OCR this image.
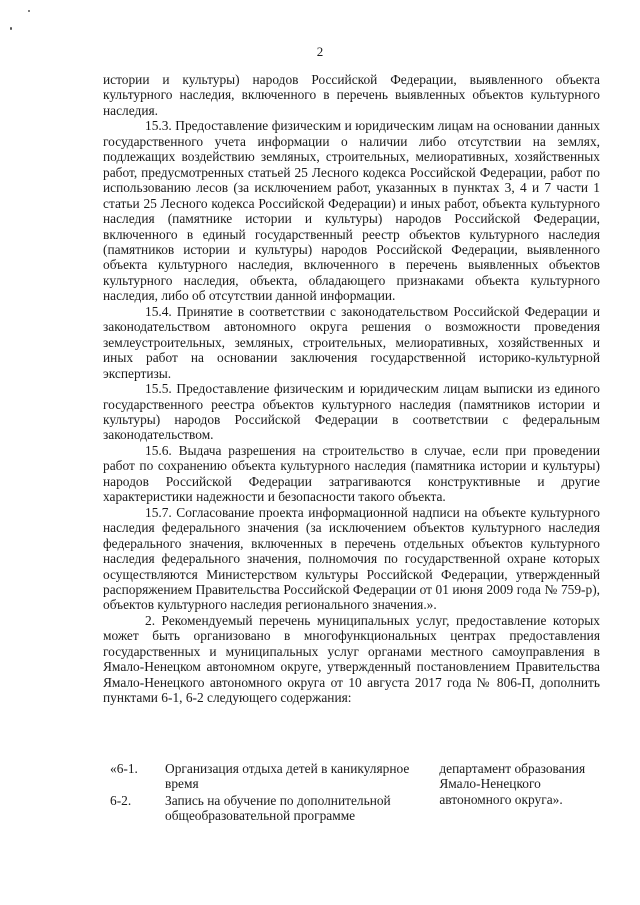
2

истории и культуры) народов Российской Федерации, выявленного объекта культурного наследия, включенного в перечень выявленных объектов культурного наследия.

15.3. Предоставление физическим и юридическим лицам на основании данных государственного учета информации о наличии либо отсутствии на землях, подлежащих воздействию земляных, строительных, мелиоративных, хозяйственных работ, предусмотренных статьей 25 Лесного кодекса Российской Федерации, работ по использованию лесов (за исключением работ, указанных в пунктах 3, 4 и 7 части 1 статьи 25 Лесного кодекса Российской Федерации) и иных работ, объекта культурного наследия (памятнике истории и культуры) народов Российской Федерации, включенного в единый государственный реестр объектов культурного наследия (памятников истории и культуры) народов Российской Федерации, выявленного объекта культурного наследия, включенного в перечень выявленных объектов культурного наследия, объекта, обладающего признаками объекта культурного наследия, либо об отсутствии данной информации.

15.4. Принятие в соответствии с законодательством Российской Федерации и законодательством автономного округа решения о возможности проведения землеустроительных, земляных, строительных, мелиоративных, хозяйственных и иных работ на основании заключения государственной историко-культурной экспертизы.

15.5. Предоставление физическим и юридическим лицам выписки из единого государственного реестра объектов культурного наследия (памятников истории и культуры) народов Российской Федерации в соответствии с федеральным законодательством.

15.6. Выдача разрешения на строительство в случае, если при проведении работ по сохранению объекта культурного наследия (памятника истории и культуры) народов Российской Федерации затрагиваются конструктивные и другие характеристики надежности и безопасности такого объекта.

15.7. Согласование проекта информационной надписи на объекте культурного наследия федерального значения (за исключением объектов культурного наследия федерального значения, включенных в перечень отдельных объектов культурного наследия федерального значения, полномочия по государственной охране которых осуществляются Министерством культуры Российской Федерации, утвержденный распоряжением Правительства Российской Федерации от 01 июня 2009 года № 759-р), объектов культурного наследия регионального значения.».

2. Рекомендуемый перечень муниципальных услуг, предоставление которых может быть организовано в многофункциональных центрах предоставления государственных и муниципальных услуг органами местного самоуправления в Ямало-Ненецком автономном округе, утвержденный постановлением Правительства Ямало-Ненецкого автономного округа от 10 августа 2017 года № 806-П, дополнить пунктами 6-1, 6-2 следующего содержания:

«6-1.	Организация отдыха детей в каникулярное время	департамент образования Ямало-Ненецкого автономного округа».
6-2.	Запись на обучение по дополнительной общеобразовательной программе	
